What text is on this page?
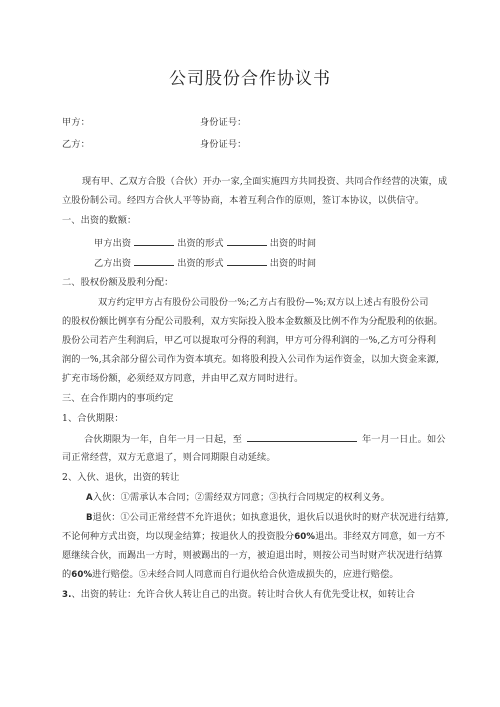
公司股份合作协议书
甲方：	身份证号：
乙方：	身份证号：
现有甲、乙双方合股（合伙）开办一家,全面实施四方共同投资、共同合作经营的决策，成
立股份制公司。经四方合伙人平等协商，本着互利合作的原则，签订本协议，以供信守。
一、出资的数额：
甲方出资	出资的形式	出资的时间
乙方出资	出资的形式	出资的时间
二、股权份额及股利分配：
双方约定甲方占有股份公司股份一%;乙方占有股份—%;双方以上述占有股份公司
的股权份额比例享有分配公司股利，双方实际投入股本金数额及比例不作为分配股利的依据。
股份公司若产生利润后，甲乙可以提取可分得的利润，甲方可分得利润的一%,乙方可分得利
润的一%,其余部分留公司作为资本填充。如将股利投入公司作为运作资金，以加大资金来源,
扩充市场份额，必须经双方同意，并由甲乙双方同时进行。
三、在合作期内的事项约定
1、合伙期限：
合伙期限为一年，自年一月一日起，至	年一月一日止。如公
司正常经营，双方无意退了，则合同期限自动延续。
2、入伙、退伙，出资的转让
A入伙：①需承认本合同；②需经双方同意；③执行合同规定的权利义务。
B退伙：①公司正常经营不允许退伙；如执意退伙，退伙后以退伙时的财产状况进行结算,
不论何种方式出资，均以现金结算；按退伙人的投资股分60%退出。非经双方同意，如一方不
愿继续合伙，而踢出一方时，则被踢出的一方，被迫退出时，则按公司当时财产状况进行结算
的60%进行赔偿。⑤未经合同人同意而自行退伙给合伙造成损失的，应进行赔偿。
3.、出资的转让：允许合伙人转让自己的出资。转让时合伙人有优先受让权，如转让合
